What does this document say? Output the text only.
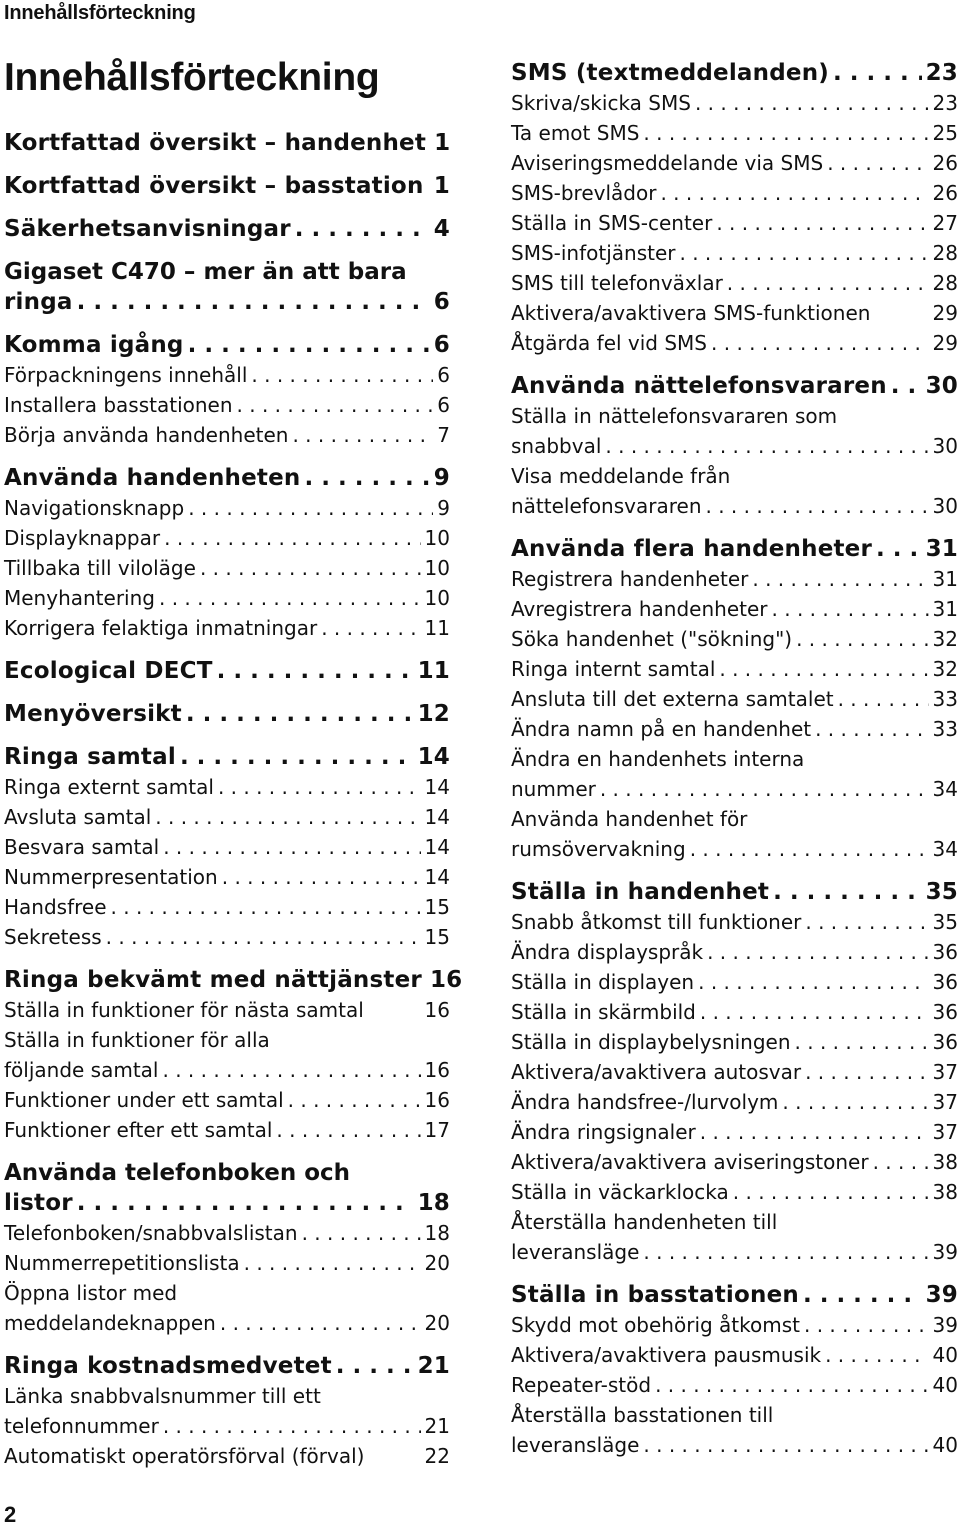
Innehållsförteckning
Innehållsförteckning
Kortfattad översikt – handenhet 1
Kortfattad översikt – basstation 1
Säkerhetsanvisningar . . .	4
Gigaset C470 – mer än att bara
ringa . . .	6
Komma igång . . .	6
Förpackningens innehåll . . .	6
Installera basstationen . . .	6
Börja använda handenheten . . .	7
Använda handenheten . . .	9
Navigationsknapp . . .	9
Displayknappar . . .	10
Tillbaka till viloläge . . .	10
Menyhantering . . .	10
Korrigera felaktiga inmatningar . . .	11
Ecological DECT . . .	11
Menyöversikt . . .	12
Ringa samtal . . .	14
Ringa externt samtal . . .	14
Avsluta samtal . . .	14
Besvara samtal . . .	14
Nummerpresentation . . .	14
Handsfree . . .	15
Sekretess . . .	15
Ringa bekvämt med nättjänster 16
Ställa in funktioner för nästa samtal	16
Ställa in funktioner för alla
följande samtal . . .	16
Funktioner under ett samtal . . .	16
Funktioner efter ett samtal . . .	17
Använda telefonboken och
listor . . .	18
Telefonboken/snabbvalslistan . . .	18
Nummerrepetitionslista . . .	20
Öppna listor med
meddelandeknappen . . .	20
Ringa kostnadsmedvetet . . .	21
Länka snabbvalsnummer till ett
telefonnummer . . .	21
Automatiskt operatörsförval (förval)	22
SMS (textmeddelanden) . . .	23
Skriva/skicka SMS . . .	23
Ta emot SMS . . .	25
Aviseringsmeddelande via SMS . . .	26
SMS-brevlådor . . .	26
Ställa in SMS-center . . .	27
SMS-infotjänster . . .	28
SMS till telefonväxlar . . .	28
Aktivera/avaktivera SMS-funktionen	29
Åtgärda fel vid SMS . . .	29
Använda nättelefonsvararen . . . 30
Ställa in nättelefonsvararen som
snabbval . . .	30
Visa meddelande från
nättelefonsvararen . . .	30
Använda flera handenheter . . . 31
Registrera handenheter . . .	31
Avregistrera handenheter . . .	31
Söka handenhet ("sökning") . . .	32
Ringa internt samtal . . .	32
Ansluta till det externa samtalet . . .	33
Ändra namn på en handenhet . . .	33
Ändra en handenhets interna
nummer . . .	34
Använda handenhet för
rumsövervakning . . .	34
Ställa in handenhet . . .	35
Snabb åtkomst till funktioner . . .	35
Ändra displayspråk . . .	36
Ställa in displayen . . .	36
Ställa in skärmbild . . .	36
Ställa in displaybelysningen . . .	36
Aktivera/avaktivera autosvar . . .	37
Ändra handsfree-/lurvolym . . .	37
Ändra ringsignaler . . .	37
Aktivera/avaktivera aviseringstoner . . .	38
Ställa in väckarklocka . . .	38
Återställa handenheten till
leveransläge . . .	39
Ställa in basstationen . . .	39
Skydd mot obehörig åtkomst . . .	39
Aktivera/avaktivera pausmusik . . .	40
Repeater-stöd . . .	40
Återställa basstationen till
leveransläge . . .	40
2
